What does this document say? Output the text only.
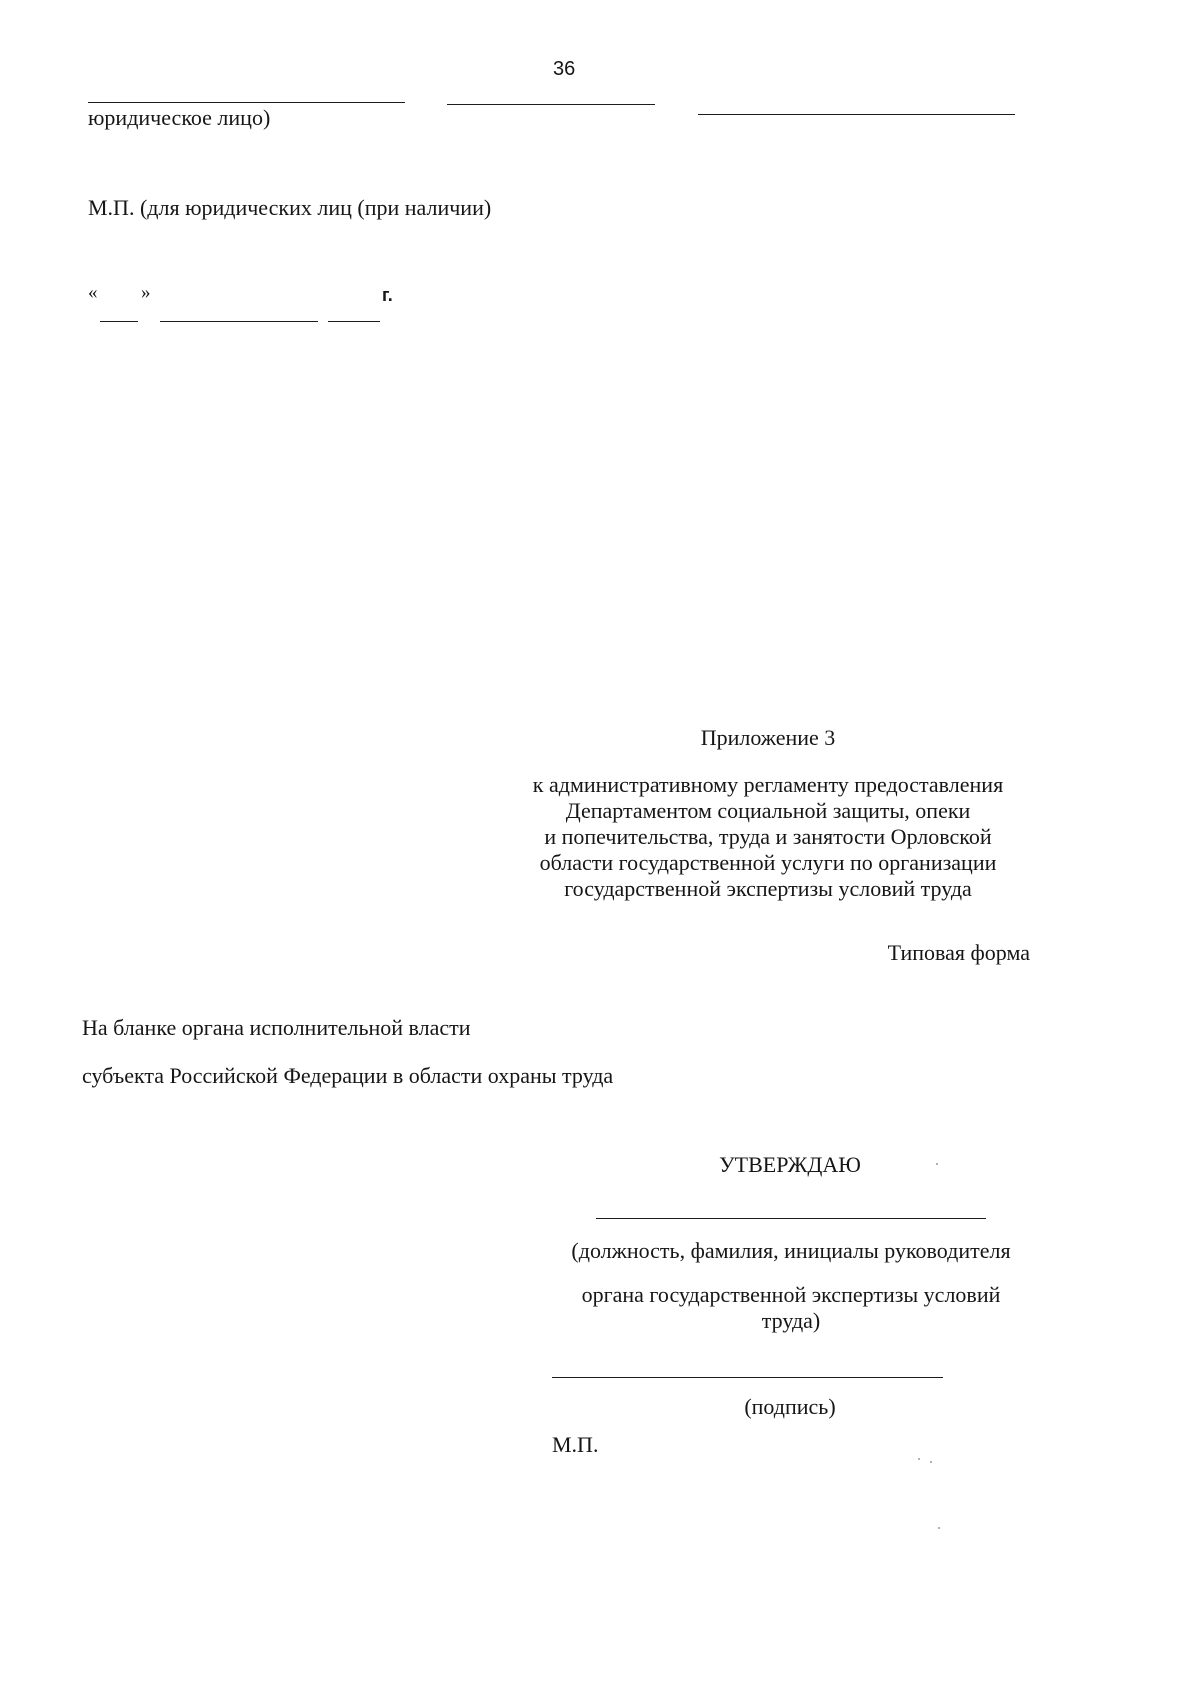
36
юридическое лицо)
М.П. (для юридических лиц (при наличии)
« »	г.
Приложение 3
к административному регламенту предоставления
Департаментом социальной защиты, опеки
и попечительства, труда и занятости Орловской
области государственной услуги по организации
государственной экспертизы условий труда
Типовая форма
На бланке органа исполнительной власти
субъекта Российской Федерации в области охраны труда
УТВЕРЖДАЮ
(должность, фамилия, инициалы руководителя
органа государственной экспертизы условий
труда)
(подпись)
М.П.
